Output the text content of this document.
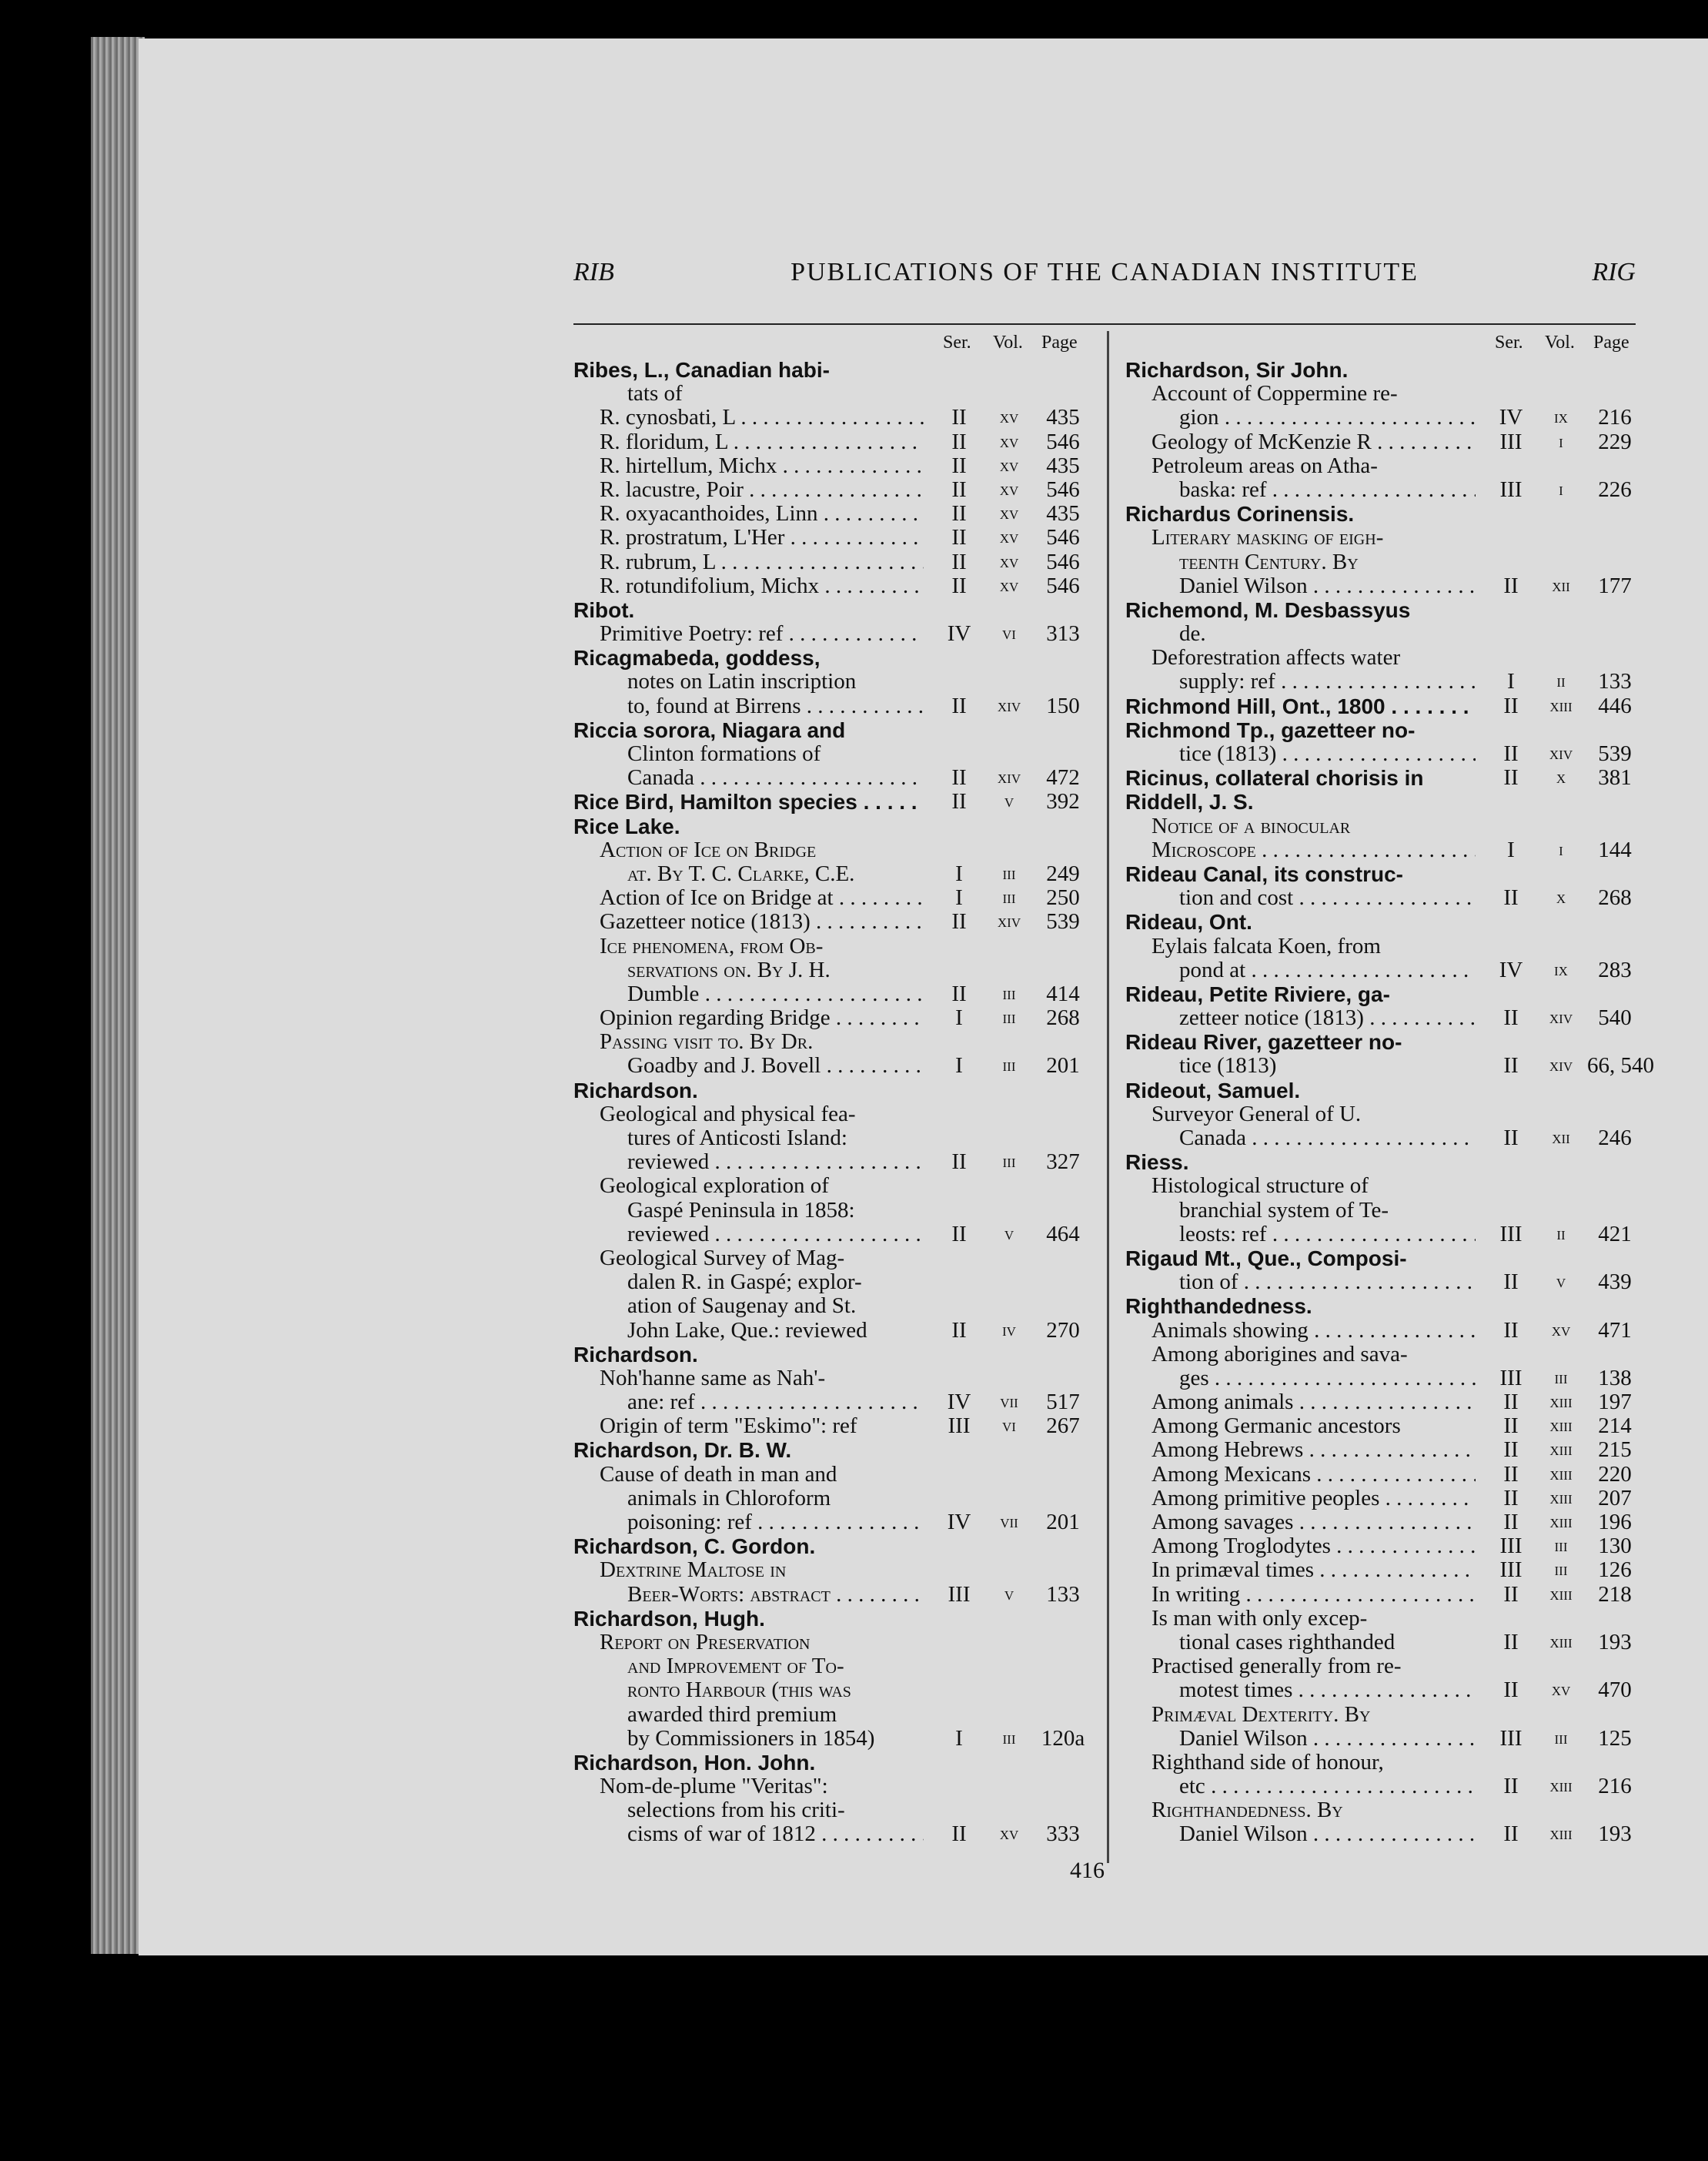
RIB	PUBLICATIONS OF THE CANADIAN INSTITUTE	RIG
Ser. Vol. Page
Ribes, L., Canadian habi-
tats of
R. cynosbati, L . . .	II	xv	435
R. floridum, L . . .	II	xv	546
R. hirtellum, Michx . . .	II	xv	435
R. lacustre, Poir . . .	II	xv	546
R. oxyacanthoides, Linn . . .	II	xv	435
R. prostratum, L'Her . . .	II	xv	546
R. rubrum, L . . .	II	xv	546
R. rotundifolium, Michx . . .	II	xv	546
Ribot.
Primitive Poetry: ref . . .	IV	vi	313
Ricagmabeda, goddess,
notes on Latin inscription
to, found at Birrens . . .	II	xiv	150
Riccia sorora, Niagara and
Clinton formations of
Canada . . .	II	xiv	472
Rice Bird, Hamilton species . . .	II	v	392
Rice Lake.
Action of Ice on Bridge
at. By T. C. Clarke, C.E.	I	iii	249
Action of Ice on Bridge at . . .	I	iii	250
Gazetteer notice (1813) . . .	II	xiv	539
Ice phenomena, from Ob-
servations on. By J. H.
Dumble . . .	II	iii	414
Opinion regarding Bridge . . .	I	iii	268
Passing visit to. By Dr.
Goadby and J. Bovell . . .	I	iii	201
Richardson.
Geological and physical fea-
tures of Anticosti Island:
reviewed . . .	II	iii	327
Geological exploration of
Gaspé Peninsula in 1858:
reviewed . . .	II	v	464
Geological Survey of Mag-
dalen R. in Gaspé; explor-
ation of Saugenay and St.
John Lake, Que.: reviewed	II	iv	270
Richardson.
Noh'hanne same as Nah'-
ane: ref . . .	IV	vii	517
Origin of term "Eskimo": ref	III	vi	267
Richardson, Dr. B. W.
Cause of death in man and
animals in Chloroform
poisoning: ref . . .	IV	vii	201
Richardson, C. Gordon.
Dextrine Maltose in
Beer-Worts: abstract . . .	III	v	133
Richardson, Hugh.
Report on Preservation
and Improvement of To-
ronto Harbour (this was
awarded third premium
by Commissioners in 1854)	I	iii	120a
Richardson, Hon. John.
Nom-de-plume "Veritas":
selections from his criti-
cisms of war of 1812 . . .	II	xv	333
Ser. Vol. Page
Richardson, Sir John.
Account of Coppermine re-
gion . . .	IV	ix	216
Geology of McKenzie R . . .	III	i	229
Petroleum areas on Atha-
baska: ref . . .	III	i	226
Richardus Corinensis.
Literary masking of eigh-
teenth Century. By
Daniel Wilson . . .	II	xii	177
Richemond, M. Desbassyus
de.
Deforestration affects water
supply: ref . . .	I	ii	133
Richmond Hill, Ont., 1800 . . .	II	xiii	446
Richmond Tp., gazetteer no-
tice (1813) . . .	II	xiv	539
Ricinus, collateral chorisis in	II	x	381
Riddell, J. S.
Notice of a binocular
Microscope . . .	I	i	144
Rideau Canal, its construc-
tion and cost . . .	II	x	268
Rideau, Ont.
Eylais falcata Koen, from
pond at . . .	IV	ix	283
Rideau, Petite Riviere, ga-
zetteer notice (1813) . . .	II	xiv	540
Rideau River, gazetteer no-
tice (1813)	II	xiv 66, 540
Rideout, Samuel.
Surveyor General of U.
Canada . . .	II	xii	246
Riess.
Histological structure of
branchial system of Te-
leosts: ref . . .	III	ii	421
Rigaud Mt., Que., Composi-
tion of . . .	II	v	439
Righthandedness.
Animals showing . . .	II	xv	471
Among aborigines and sava-
ges . . .	III	iii	138
Among animals . . .	II	xiii	197
Among Germanic ancestors	II	xiii	214
Among Hebrews . . .	II	xiii	215
Among Mexicans . . .	II	xiii	220
Among primitive peoples . . .	II	xiii	207
Among savages . . .	II	xiii	196
Among Troglodytes . . .	III	iii	130
In primæval times . . .	III	iii	126
In writing . . .	II	xiii	218
Is man with only excep-
tional cases righthanded	II	xiii	193
Practised generally from re-
motest times . . .	II	xv	470
Primæval Dexterity. By
Daniel Wilson . . .	III	iii	125
Righthand side of honour,
etc . . .	II	xiii	216
Righthandedness. By
Daniel Wilson . . .	II	xiii	193
416
